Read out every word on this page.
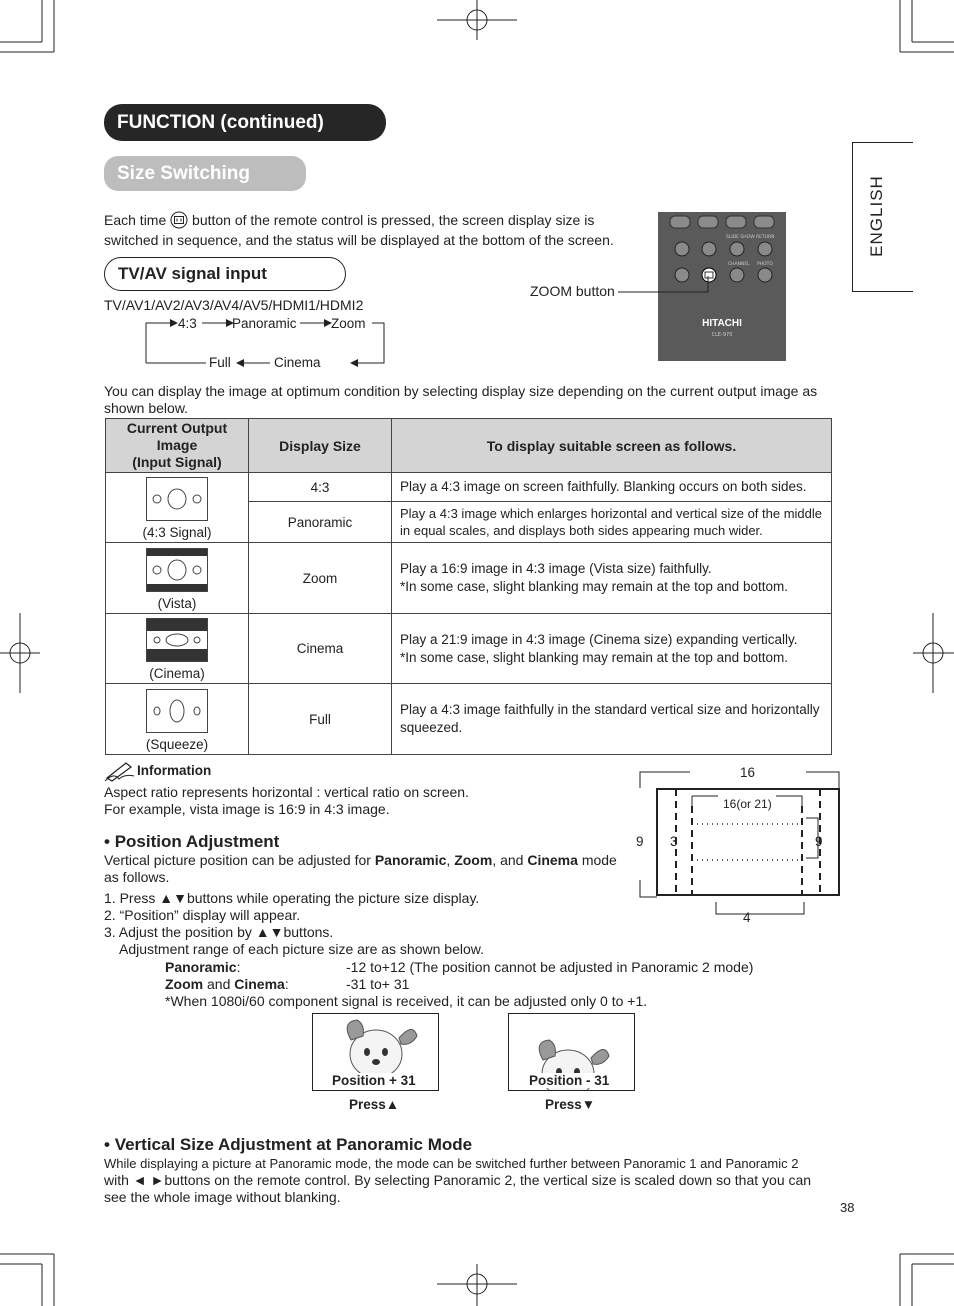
FUNCTION (continued)
Size Switching
ENGLISH
Each time button of the remote control is pressed, the screen display size is
switched in sequence, and the status will be displayed at the bottom of the screen.	SLIDE SHOW RETURN
CHANNEL PHOTO
HITACHI
CLE-970
ZOOM button
TV/AV signal input
TV/AV1/AV2/AV3/AV4/AV5/HDMI1/HDMI2
4:3	Panoramic	Zoom
Cinema
Full
You can display the image at optimum condition by selecting display size depending on the current output image as shown below.
Current Output
Image
(Input Signal)	Display Size	To display suitable screen as follows.

(4:3 Signal)	4:3	Play a 4:3 image on screen faithfully. Blanking occurs on both sides.
	Panoramic	Play a 4:3 image which enlarges horizontal and vertical size of the middle in equal scales, and displays both sides appearing much wider.

(Vista)	Zoom	Play a 16:9 image in 4:3 image (Vista size) faithfully.
*In some case, slight blanking may remain at the top and bottom.

(Cinema)	Cinema	Play a 21:9 image in 4:3 image (Cinema size) expanding vertically.
*In some case, slight blanking may remain at the top and bottom.

(Squeeze)	Full	Play a 4:3 image faithfully in the standard vertical size and horizontally squeezed.
Information
Aspect ratio represents horizontal : vertical ratio on screen.
For example, vista image is 16:9 in 4:3 image.
16
16(or 21)
9 3	9
4
• Position Adjustment
Vertical picture position can be adjusted for Panoramic, Zoom, and Cinema mode
as follows.
1. Press ▲▼buttons while operating the picture size display.
2. “Position” display will appear.
3. Adjust the position by ▲▼buttons.
Adjustment range of each picture size are as shown below.
Panoramic:	-12 to+12 (The position cannot be adjusted in Panoramic 2 mode)
Zoom and Cinema:	-31 to+ 31
*When 1080i/60 component signal is received, it can be adjusted only 0 to +1.
Position + 31
Press▲
Position - 31
Press▼
• Vertical Size Adjustment at Panoramic Mode
While displaying a picture at Panoramic mode, the mode can be switched further between Panoramic 1 and Panoramic 2
with ◄ ►buttons on the remote control. By selecting Panoramic 2, the vertical size is scaled down so that you can
see the whole image without blanking.
38
